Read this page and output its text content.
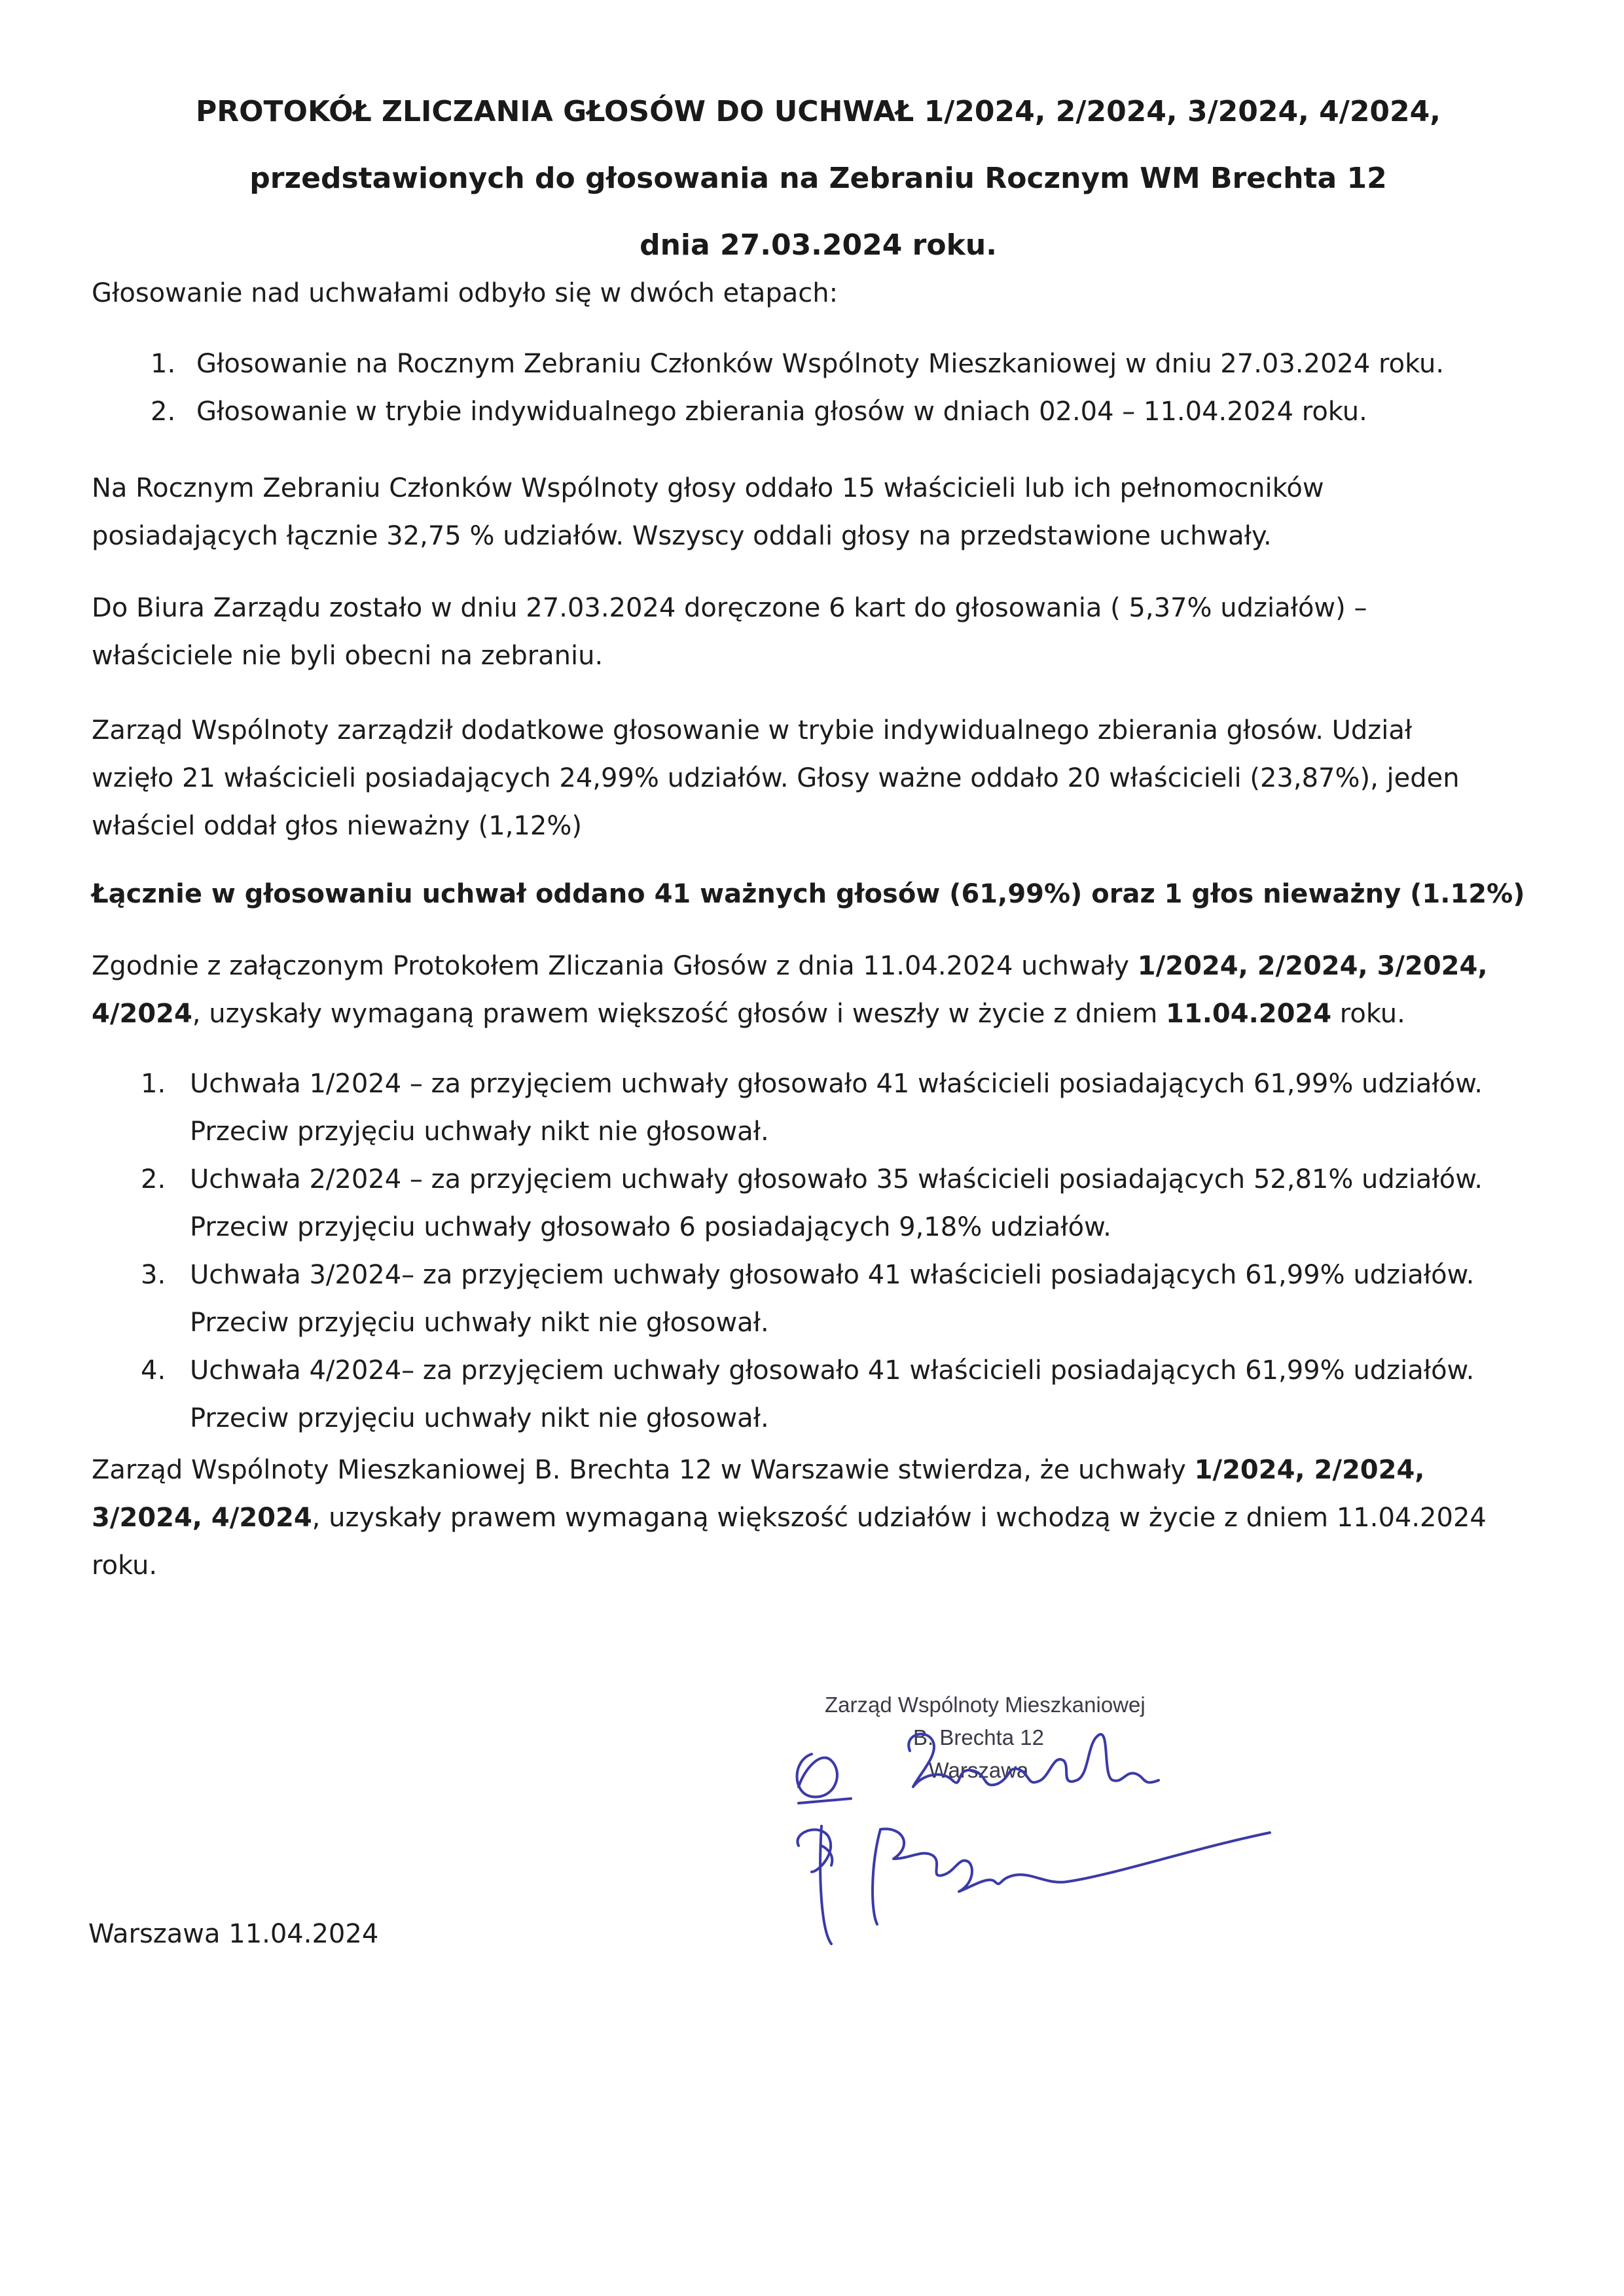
PROTOKÓŁ ZLICZANIA GŁOSÓW DO UCHWAŁ 1/2024, 2/2024, 3/2024, 4/2024,
przedstawionych do głosowania na Zebraniu Rocznym WM Brechta 12
dnia 27.03.2024 roku.

Głosowanie nad uchwałami odbyło się w dwóch etapach:

1. Głosowanie na Rocznym Zebraniu Członków Wspólnoty Mieszkaniowej w dniu 27.03.2024 roku.
2. Głosowanie w trybie indywidualnego zbierania głosów w dniach 02.04 – 11.04.2024 roku.

Na Rocznym Zebraniu Członków Wspólnoty głosy oddało 15 właścicieli lub ich pełnomocników
posiadających łącznie 32,75 % udziałów. Wszyscy oddali głosy na przedstawione uchwały.

Do Biura Zarządu zostało w dniu 27.03.2024 doręczone 6 kart do głosowania ( 5,37% udziałów) –
właściciele nie byli obecni na zebraniu.

Zarząd Wspólnoty zarządził dodatkowe głosowanie w trybie indywidualnego zbierania głosów. Udział
wzięło 21 właścicieli posiadających 24,99% udziałów. Głosy ważne oddało 20 właścicieli (23,87%), jeden
właściel oddał głos nieważny (1,12%)

Łącznie w głosowaniu uchwał oddano 41 ważnych głosów (61,99%) oraz 1 głos nieważny (1.12%)

Zgodnie z załączonym Protokołem Zliczania Głosów z dnia 11.04.2024 uchwały 1/2024, 2/2024, 3/2024,
4/2024, uzyskały wymaganą prawem większość głosów i weszły w życie z dniem 11.04.2024 roku.

1. Uchwała 1/2024 – za przyjęciem uchwały głosowało 41 właścicieli posiadających 61,99% udziałów.
Przeciw przyjęciu uchwały nikt nie głosował.
2. Uchwała 2/2024 – za przyjęciem uchwały głosowało 35 właścicieli posiadających 52,81% udziałów.
Przeciw przyjęciu uchwały głosowało 6 posiadających 9,18% udziałów.
3. Uchwała 3/2024– za przyjęciem uchwały głosowało 41 właścicieli posiadających 61,99% udziałów.
Przeciw przyjęciu uchwały nikt nie głosował.
4. Uchwała 4/2024– za przyjęciem uchwały głosowało 41 właścicieli posiadających 61,99% udziałów.
Przeciw przyjęciu uchwały nikt nie głosował.

Zarząd Wspólnoty Mieszkaniowej B. Brechta 12 w Warszawie stwierdza, że uchwały 1/2024, 2/2024,
3/2024, 4/2024, uzyskały prawem wymaganą większość udziałów i wchodzą w życie z dniem 11.04.2024
roku.

Zarząd Wspólnoty Mieszkaniowej
B. Brechta 12
Warszawa
Warszawa 11.04.2024
